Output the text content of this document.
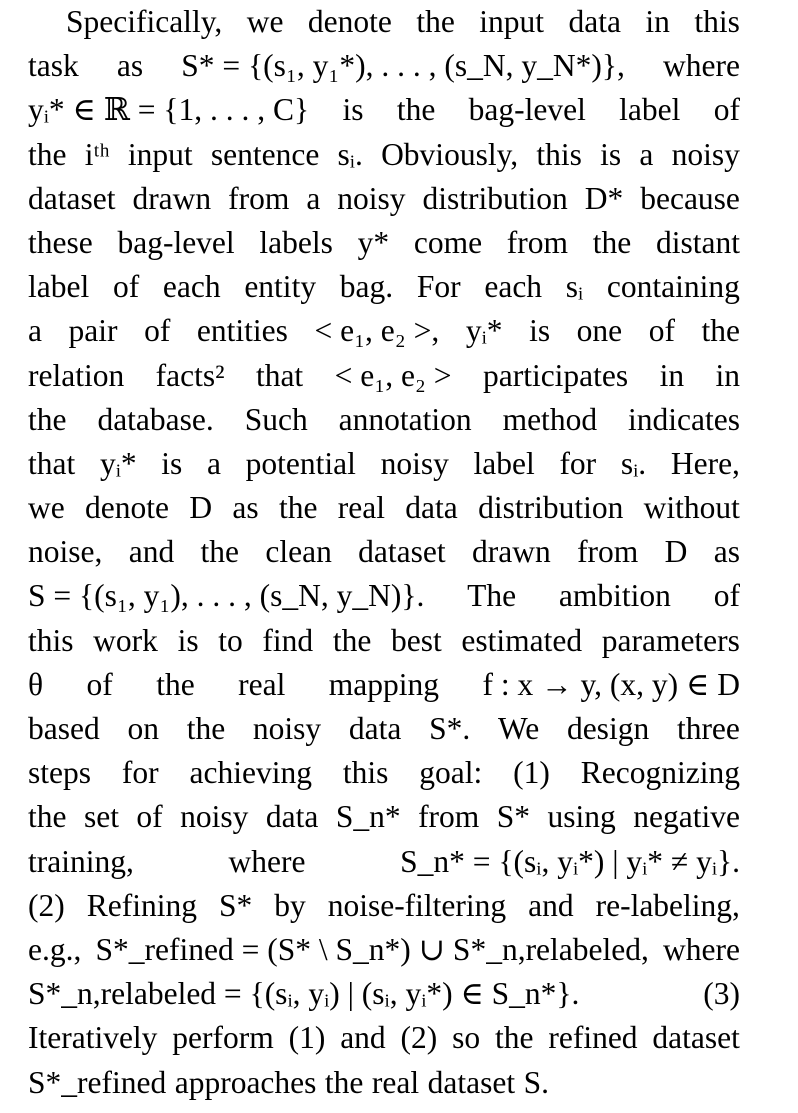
Specifically, we denote the input data in this
task as S* = {(s₁, y₁*), . . . , (s_N, y_N*)}, where
yᵢ* ∈ ℝ = {1, . . . , C} is the bag-level label of
the iᵗʰ input sentence sᵢ. Obviously, this is a noisy
dataset drawn from a noisy distribution D* because
these bag-level labels y* come from the distant
label of each entity bag. For each sᵢ containing
a pair of entities < e₁, e₂ >, yᵢ* is one of the
relation facts² that < e₁, e₂ > participates in in
the database. Such annotation method indicates
that yᵢ* is a potential noisy label for sᵢ. Here,
we denote D as the real data distribution without
noise, and the clean dataset drawn from D as
S = {(s₁, y₁), . . . , (s_N, y_N)}. The ambition of
this work is to find the best estimated parameters
θ of the real mapping f : x → y, (x, y) ∈ D
based on the noisy data S*. We design three
steps for achieving this goal: (1) Recognizing
the set of noisy data S_n* from S* using negative
training,	where	S_n* = {(sᵢ, yᵢ*) | yᵢ* ≠ yᵢ}.
(2) Refining S* by noise-filtering and re-labeling,
e.g., S*_refined = (S* \ S_n*) ∪ S*_n,relabeled, where
S*_n,relabeled = {(sᵢ, yᵢ) | (sᵢ, yᵢ*) ∈ S_n*}.	(3)
Iteratively perform (1) and (2) so the refined dataset
S*_refined approaches the real dataset S.
